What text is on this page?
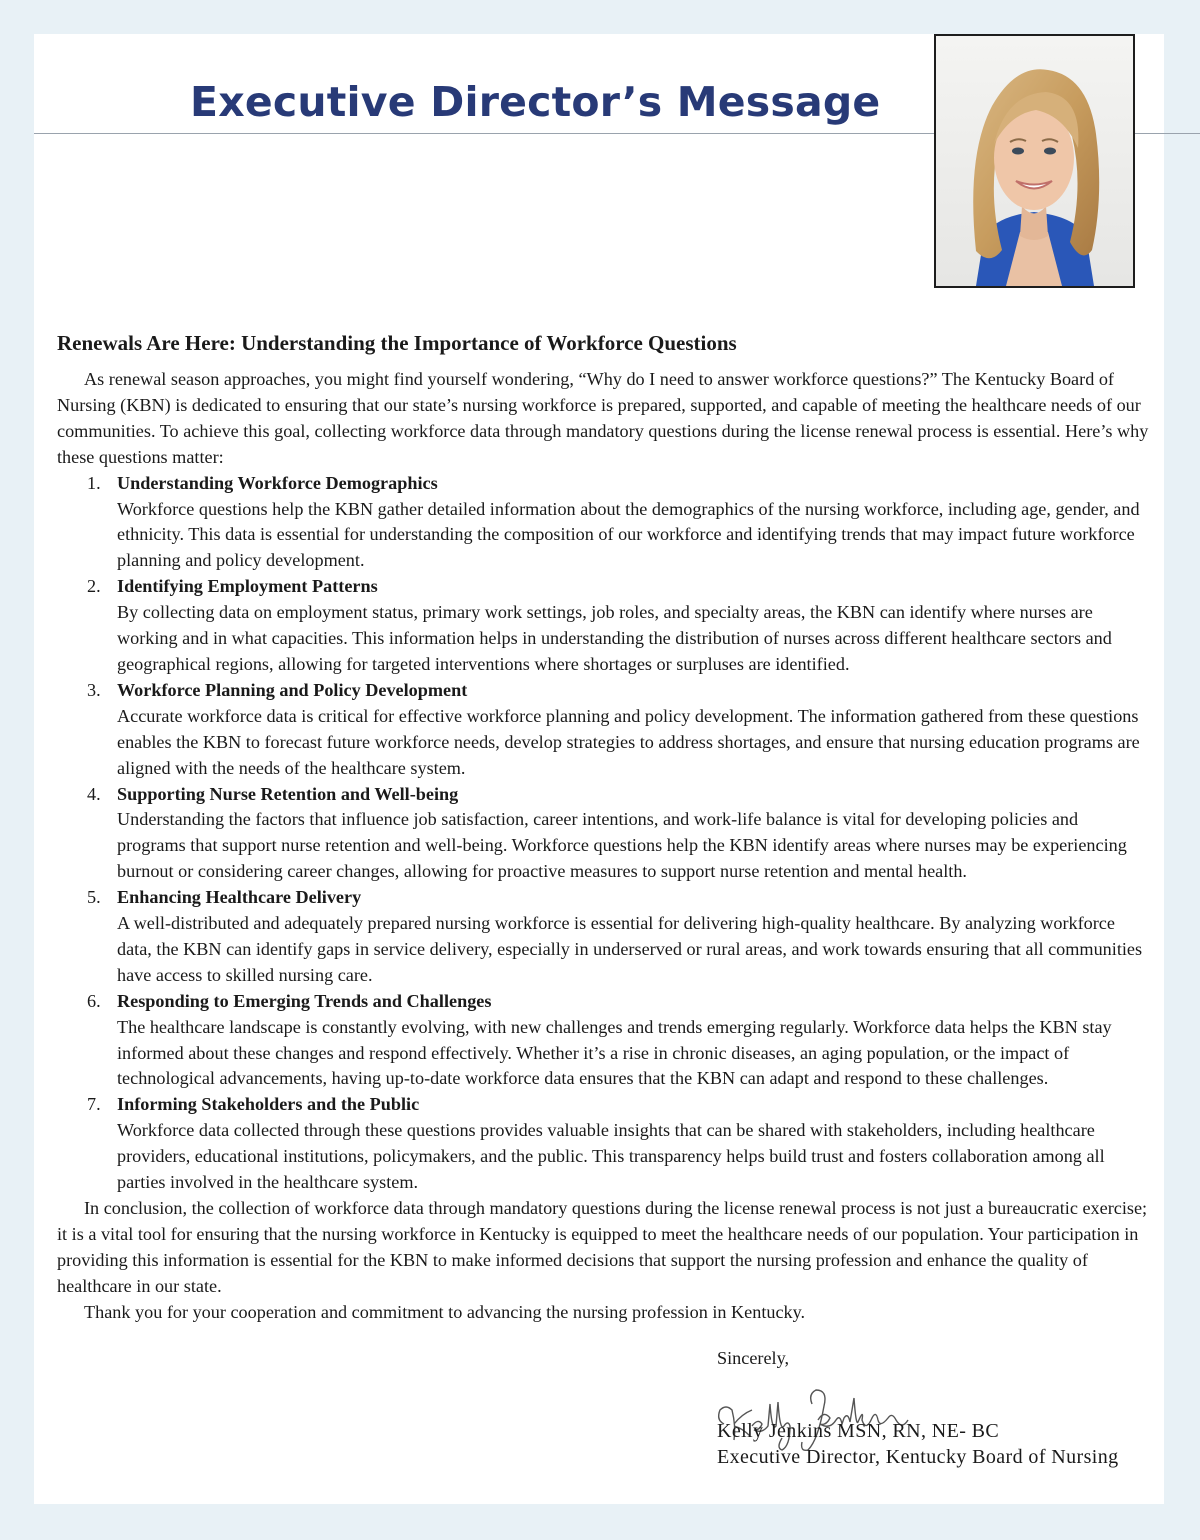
Executive Director’s Message
Renewals Are Here: Understanding the Importance of Workforce Questions

As renewal season approaches, you might find yourself wondering, “Why do I need to answer workforce questions?” The Kentucky Board of Nursing (KBN) is dedicated to ensuring that our state’s nursing workforce is prepared, supported, and capable of meeting the healthcare needs of our communities. To achieve this goal, collecting workforce data through mandatory questions during the license renewal process is essential. Here’s why these questions matter:

1. Understanding Workforce Demographics
Workforce questions help the KBN gather detailed information about the demographics of the nursing workforce, including age, gender, and ethnicity. This data is essential for understanding the composition of our workforce and identifying trends that may impact future workforce planning and policy development.
2. Identifying Employment Patterns
By collecting data on employment status, primary work settings, job roles, and specialty areas, the KBN can identify where nurses are working and in what capacities. This information helps in understanding the distribution of nurses across different healthcare sectors and geographical regions, allowing for targeted interventions where shortages or surpluses are identified.
3. Workforce Planning and Policy Development
Accurate workforce data is critical for effective workforce planning and policy development. The information gathered from these questions enables the KBN to forecast future workforce needs, develop strategies to address shortages, and ensure that nursing education programs are aligned with the needs of the healthcare system.
4. Supporting Nurse Retention and Well-being
Understanding the factors that influence job satisfaction, career intentions, and work-life balance is vital for developing policies and programs that support nurse retention and well-being. Workforce questions help the KBN identify areas where nurses may be experiencing burnout or considering career changes, allowing for proactive measures to support nurse retention and mental health.
5. Enhancing Healthcare Delivery
A well-distributed and adequately prepared nursing workforce is essential for delivering high-quality healthcare. By analyzing workforce data, the KBN can identify gaps in service delivery, especially in underserved or rural areas, and work towards ensuring that all communities have access to skilled nursing care.
6. Responding to Emerging Trends and Challenges
The healthcare landscape is constantly evolving, with new challenges and trends emerging regularly. Workforce data helps the KBN stay informed about these changes and respond effectively. Whether it’s a rise in chronic diseases, an aging population, or the impact of technological advancements, having up-to-date workforce data ensures that the KBN can adapt and respond to these challenges.
7. Informing Stakeholders and the Public
Workforce data collected through these questions provides valuable insights that can be shared with stakeholders, including healthcare providers, educational institutions, policymakers, and the public. This transparency helps build trust and fosters collaboration among all parties involved in the healthcare system.

In conclusion, the collection of workforce data through mandatory questions during the license renewal process is not just a bureaucratic exercise; it is a vital tool for ensuring that the nursing workforce in Kentucky is equipped to meet the healthcare needs of our population. Your participation in providing this information is essential for the KBN to make informed decisions that support the nursing profession and enhance the quality of healthcare in our state.

Thank you for your cooperation and commitment to advancing the nursing profession in Kentucky.

Sincerely,
Kelly Jenkins MSN, RN, NE- BC
Executive Director, Kentucky Board of Nursing
